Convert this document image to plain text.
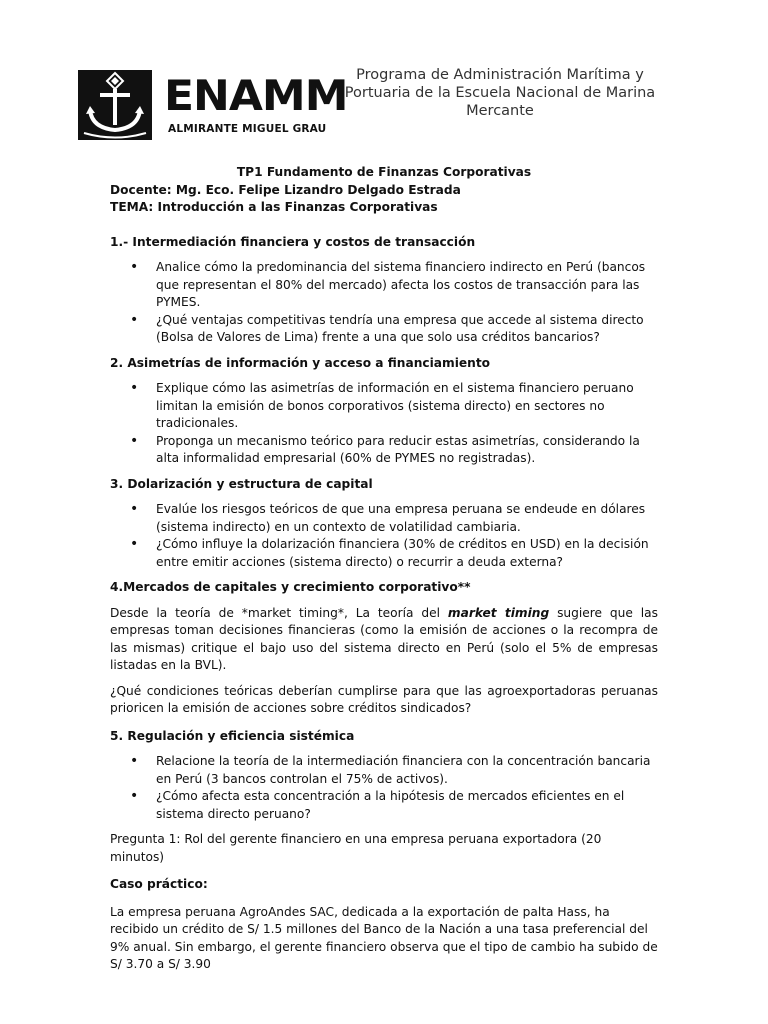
ENAMM
ALMIRANTE MIGUEL GRAU
Programa de Administración Marítima y Portuaria de la Escuela Nacional de Marina Mercante
TP1 Fundamento de Finanzas Corporativas
Docente: Mg. Eco. Felipe Lizandro Delgado Estrada
TEMA: Introducción a las Finanzas Corporativas
1.- Intermediación financiera y costos de transacción
• Analice cómo la predominancia del sistema financiero indirecto en Perú (bancos que representan el 80% del mercado) afecta los costos de transacción para las PYMES.
• ¿Qué ventajas competitivas tendría una empresa que accede al sistema directo (Bolsa de Valores de Lima) frente a una que solo usa créditos bancarios?
2. Asimetrías de información y acceso a financiamiento
• Explique cómo las asimetrías de información en el sistema financiero peruano limitan la emisión de bonos corporativos (sistema directo) en sectores no tradicionales.
• Proponga un mecanismo teórico para reducir estas asimetrías, considerando la alta informalidad empresarial (60% de PYMES no registradas).
3. Dolarización y estructura de capital
• Evalúe los riesgos teóricos de que una empresa peruana se endeude en dólares (sistema indirecto) en un contexto de volatilidad cambiaria.
• ¿Cómo influye la dolarización financiera (30% de créditos en USD) en la decisión entre emitir acciones (sistema directo) o recurrir a deuda externa?
4.Mercados de capitales y crecimiento corporativo**

Desde la teoría de *market timing*, La teoría del market timing sugiere que las empresas toman decisiones financieras (como la emisión de acciones o la recompra de las mismas) critique el bajo uso del sistema directo en Perú (solo el 5% de empresas listadas en la BVL).

¿Qué condiciones teóricas deberían cumplirse para que las agroexportadoras peruanas prioricen la emisión de acciones sobre créditos sindicados?

5. Regulación y eficiencia sistémica
• Relacione la teoría de la intermediación financiera con la concentración bancaria en Perú (3 bancos controlan el 75% de activos).
• ¿Cómo afecta esta concentración a la hipótesis de mercados eficientes en el sistema directo peruano?

Pregunta 1: Rol del gerente financiero en una empresa peruana exportadora (20 minutos)

Caso práctico:

La empresa peruana AgroAndes SAC, dedicada a la exportación de palta Hass, ha recibido un crédito de S/ 1.5 millones del Banco de la Nación a una tasa preferencial del 9% anual. Sin embargo, el gerente financiero observa que el tipo de cambio ha subido de S/ 3.70 a S/ 3.90
